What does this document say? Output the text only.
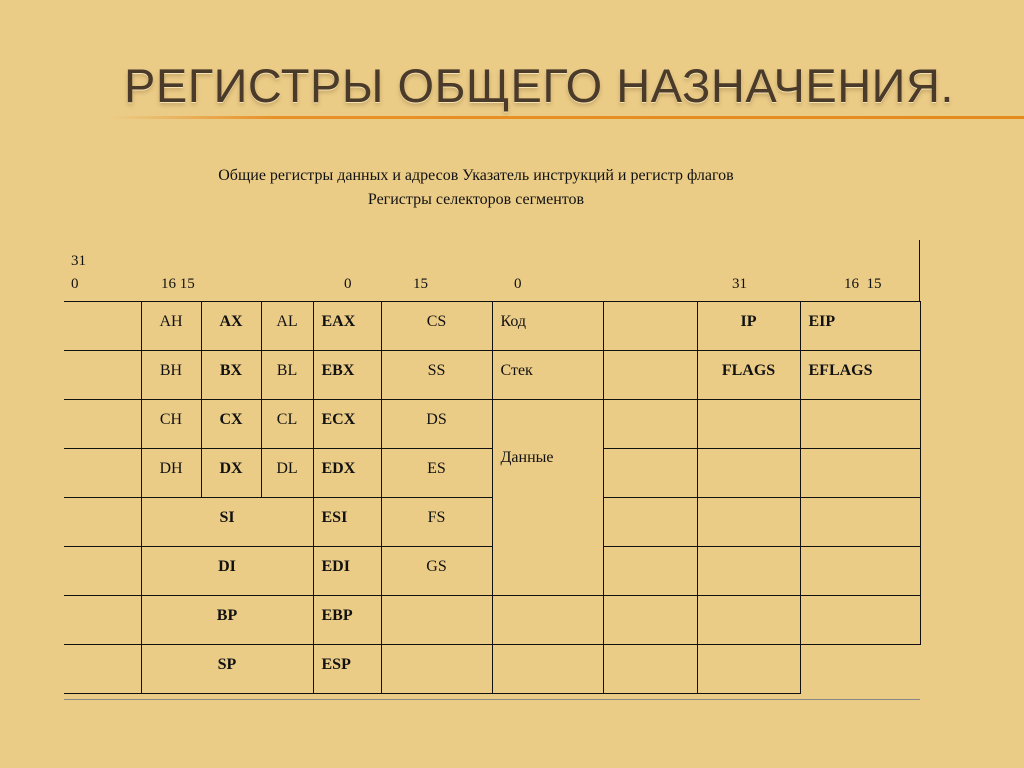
РЕГИСТРЫ ОБЩЕГО НАЗНАЧЕНИЯ.
Общие регистры данных и адресов Указатель инструкций и регистр флагов
Регистры селекторов сегментов
31
0	16 15	0	15	0	31	16  15
	AH	AX	AL	EAX	CS	Код		IP	EIP
	BH	BX	BL	EBX	SS	Стек		FLAGS	EFLAGS
	CH	CX	CL	ECX	DS	Данные			

	DH	DX	DL	EDX	ES				
	SI			ESI	FS				
	DI			EDI	GS				
	BP			EBP					
	SP			ESP					
